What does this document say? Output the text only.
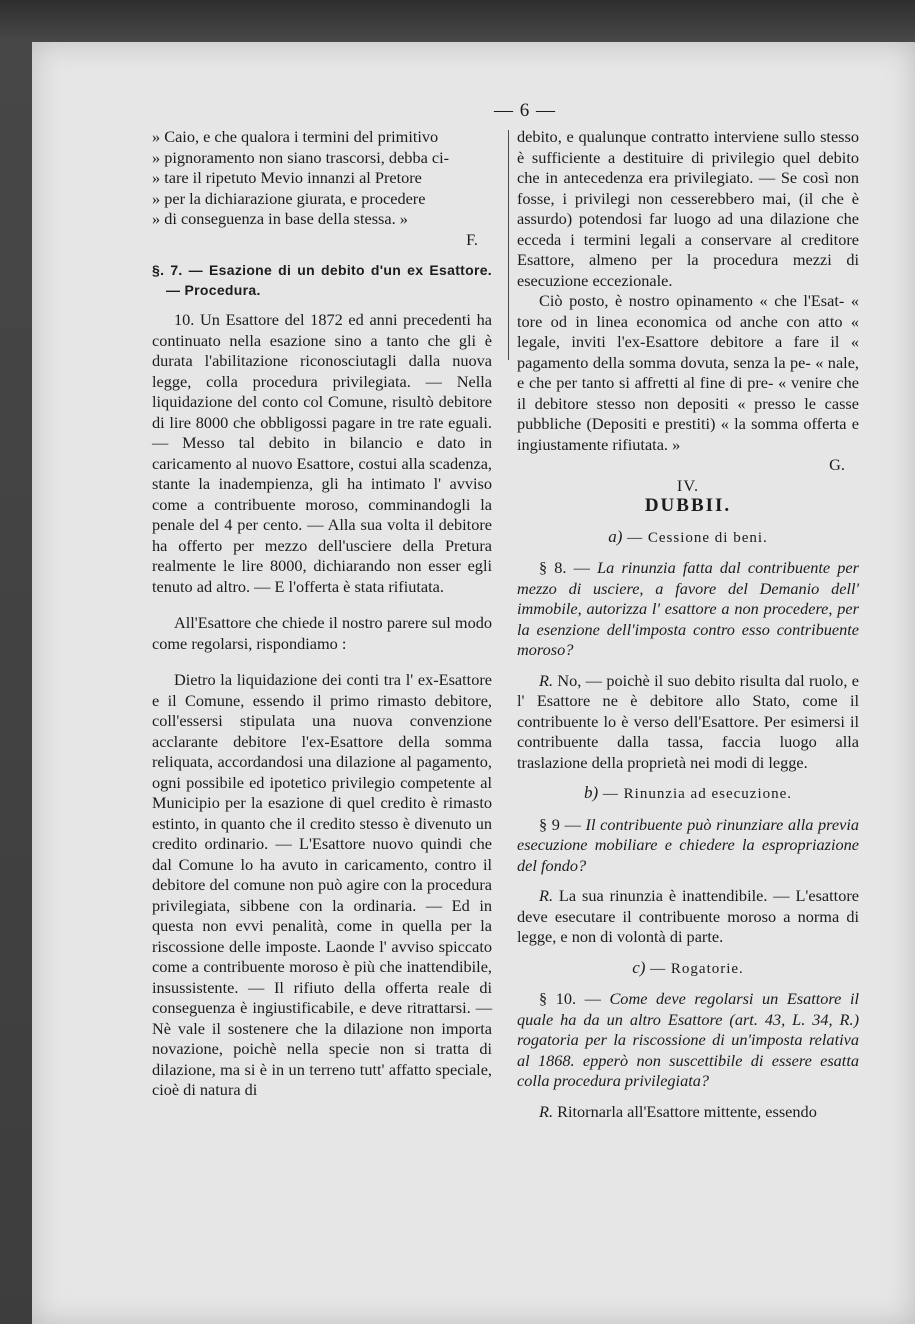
— 6 —

» Caio, e che qualora i termini del primitivo

» pignoramento non siano trascorsi, debba ci-

» tare il ripetuto Mevio innanzi al Pretore

» per la dichiarazione giurata, e procedere

» di conseguenza in base della stessa. »

F.

§. 7. — Esazione di un debito d'un ex Esattore. — Procedura.

10. Un Esattore del 1872 ed anni precedenti ha continuato nella esazione sino a tanto che gli è durata l'abilitazione riconosciutagli dalla nuova legge, colla procedura privilegiata. — Nella liquidazione del conto col Comune, risultò debitore di lire 8000 che obbligossi pagare in tre rate eguali. — Messo tal debito in bilancio e dato in caricamento al nuovo Esattore, costui alla scadenza, stante la inadempienza, gli ha intimato l' avviso come a contribuente moroso, comminandogli la penale del 4 per cento. — Alla sua volta il debitore ha offerto per mezzo dell'usciere della Pretura realmente le lire 8000, dichiarando non esser egli tenuto ad altro. — E l'offerta è stata rifiutata.

All'Esattore che chiede il nostro parere sul modo come regolarsi, rispondiamo :

Dietro la liquidazione dei conti tra l' ex-Esattore e il Comune, essendo il primo rimasto debitore, coll'essersi stipulata una nuova convenzione acclarante debitore l'ex-Esattore della somma reliquata, accordandosi una dilazione al pagamento, ogni possibile ed ipotetico privilegio competente al Municipio per la esazione di quel credito è rimasto estinto, in quanto che il credito stesso è divenuto un credito ordinario. — L'Esattore nuovo quindi che dal Comune lo ha avuto in caricamento, contro il debitore del comune non può agire con la procedura privilegiata, sibbene con la ordinaria. — Ed in questa non evvi penalità, come in quella per la riscossione delle imposte. Laonde l' avviso spiccato come a contribuente moroso è più che inattendibile, insussistente. — Il rifiuto della offerta reale di conseguenza è ingiustificabile, e deve ritrattarsi. — Nè vale il sostenere che la dilazione non importa novazione, poichè nella specie non si tratta di dilazione, ma si è in un terreno tutt' affatto speciale, cioè di natura di

debito, e qualunque contratto interviene sullo stesso è sufficiente a destituire di privilegio quel debito che in antecedenza era privilegiato. — Se così non fosse, i privilegi non cesserebbero mai, (il che è assurdo) potendosi far luogo ad una dilazione che ecceda i termini legali a conservare al creditore Esattore, almeno per la procedura mezzi di esecuzione eccezionale.

Ciò posto, è nostro opinamento « che l'Esat- « tore od in linea economica od anche con atto « legale, inviti l'ex-Esattore debitore a fare il « pagamento della somma dovuta, senza la pe- « nale, e che per tanto si affretti al fine di pre- « venire che il debitore stesso non depositi « presso le casse pubbliche (Depositi e prestiti) « la somma offerta e ingiustamente rifiutata. »

G.

IV.

DUBBII.

a) — Cessione di beni.

§ 8. — La rinunzia fatta dal contribuente per mezzo di usciere, a favore del Demanio dell' immobile, autorizza l' esattore a non procedere, per la esenzione dell'imposta contro esso contribuente moroso?

R. No, — poichè il suo debito risulta dal ruolo, e l' Esattore ne è debitore allo Stato, come il contribuente lo è verso dell'Esattore. Per esimersi il contribuente dalla tassa, faccia luogo alla traslazione della proprietà nei modi di legge.

b) — Rinunzia ad esecuzione.

§ 9 — Il contribuente può rinunziare alla previa esecuzione mobiliare e chiedere la espropriazione del fondo?

R. La sua rinunzia è inattendibile. — L'esattore deve esecutare il contribuente moroso a norma di legge, e non di volontà di parte.

c) — Rogatorie.

§ 10. — Come deve regolarsi un Esattore il quale ha da un altro Esattore (art. 43, L. 34, R.) rogatoria per la riscossione di un'imposta relativa al 1868. epperò non suscettibile di essere esatta colla procedura privilegiata?

R. Ritornarla all'Esattore mittente, essendo
